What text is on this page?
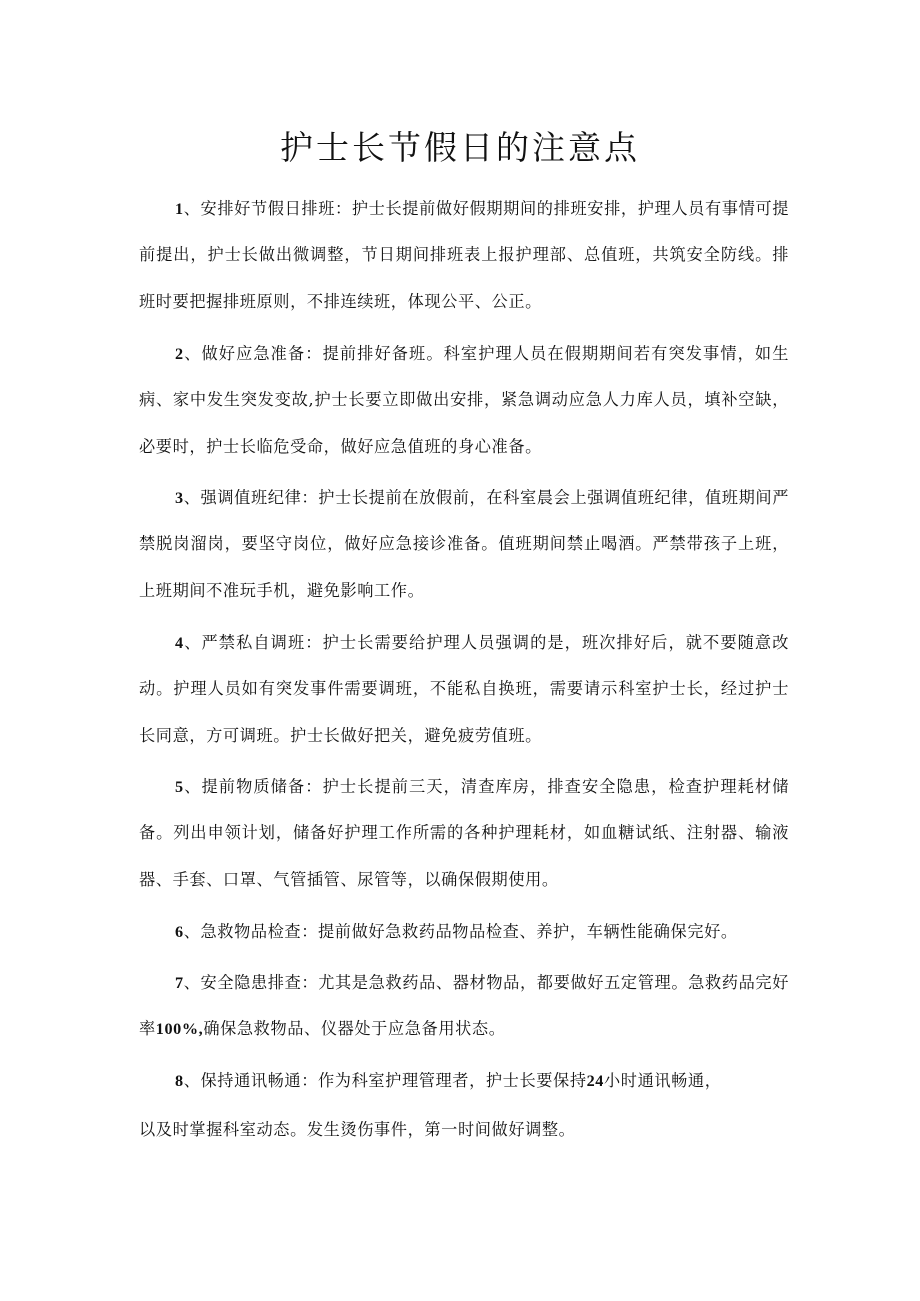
护士长节假日的注意点

1、安排好节假日排班：护士长提前做好假期期间的排班安排，护理人员有事情可提前提出，护士长做出微调整，节日期间排班表上报护理部、总值班，共筑安全防线。排班时要把握排班原则，不排连续班，体现公平、公正。

2、做好应急准备：提前排好备班。科室护理人员在假期期间若有突发事情，如生病、家中发生突发变故,护士长要立即做出安排，紧急调动应急人力库人员，填补空缺，必要时，护士长临危受命，做好应急值班的身心准备。

3、强调值班纪律：护士长提前在放假前，在科室晨会上强调值班纪律，值班期间严禁脱岗溜岗，要坚守岗位，做好应急接诊准备。值班期间禁止喝酒。严禁带孩子上班，上班期间不准玩手机，避免影响工作。

4、严禁私自调班：护士长需要给护理人员强调的是，班次排好后，就不要随意改动。护理人员如有突发事件需要调班，不能私自换班，需要请示科室护士长，经过护士长同意，方可调班。护士长做好把关，避免疲劳值班。

5、提前物质储备：护士长提前三天，清查库房，排查安全隐患，检查护理耗材储备。列出申领计划，储备好护理工作所需的各种护理耗材，如血糖试纸、注射器、输液器、手套、口罩、气管插管、尿管等，以确保假期使用。

6、急救物品检查：提前做好急救药品物品检查、养护，车辆性能确保完好。

7、安全隐患排查：尤其是急救药品、器材物品，都要做好五定管理。急救药品完好率100%,确保急救物品、仪器处于应急备用状态。

8、保持通讯畅通：作为科室护理管理者，护士长要保持24小时通讯畅通，

以及时掌握科室动态。发生烫伤事件，第一时间做好调整。
